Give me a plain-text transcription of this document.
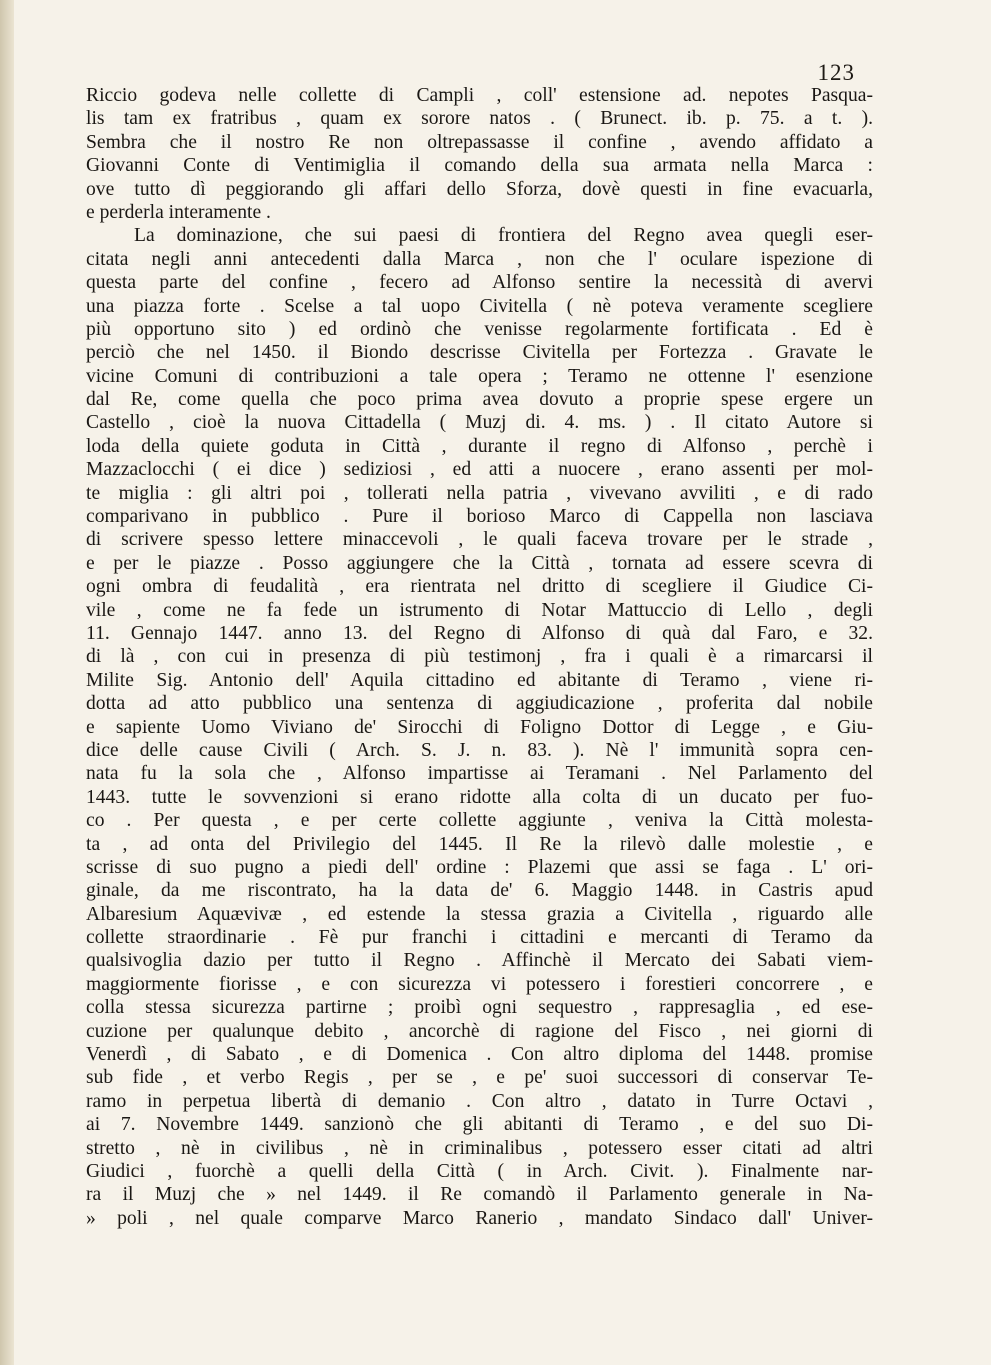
123
Riccio godeva nelle collette di Campli , coll' estensione ad. nepotes Pasqua-
lis tam ex fratribus , quam ex sorore natos . ( Brunect. ib. p. 75. a t. ).
Sembra che il nostro Re non oltrepassasse il confine , avendo affidato a
Giovanni Conte di Ventimiglia il comando della sua armata nella Marca :
ove tutto dì peggiorando gli affari dello Sforza, dovè questi in fine evacuarla,
e perderla interamente .
La dominazione, che sui paesi di frontiera del Regno avea quegli eser-
citata negli anni antecedenti dalla Marca , non che l' oculare ispezione di
questa parte del confine , fecero ad Alfonso sentire la necessità di avervi
una piazza forte . Scelse a tal uopo Civitella ( nè poteva veramente scegliere
più opportuno sito ) ed ordinò che venisse regolarmente fortificata . Ed è
perciò che nel 1450. il Biondo descrisse Civitella per Fortezza . Gravate le
vicine Comuni di contribuzioni a tale opera ; Teramo ne ottenne l' esenzione
dal Re, come quella che poco prima avea dovuto a proprie spese ergere un
Castello , cioè la nuova Cittadella ( Muzj di. 4. ms. ) . Il citato Autore si
loda della quiete goduta in Città , durante il regno di Alfonso , perchè i
Mazzaclocchi ( ei dice ) sediziosi , ed atti a nuocere , erano assenti per mol-
te miglia : gli altri poi , tollerati nella patria , vivevano avviliti , e di rado
comparivano in pubblico . Pure il borioso Marco di Cappella non lasciava
di scrivere spesso lettere minaccevoli , le quali faceva trovare per le strade ,
e per le piazze . Posso aggiungere che la Città , tornata ad essere scevra di
ogni ombra di feudalità , era rientrata nel dritto di scegliere il Giudice Ci-
vile , come ne fa fede un istrumento di Notar Mattuccio di Lello , degli
11. Gennajo 1447. anno 13. del Regno di Alfonso di quà dal Faro, e 32.
di là , con cui in presenza di più testimonj , fra i quali è a rimarcarsi il
Milite Sig. Antonio dell' Aquila cittadino ed abitante di Teramo , viene ri-
dotta ad atto pubblico una sentenza di aggiudicazione , proferita dal nobile
e sapiente Uomo Viviano de' Sirocchi di Foligno Dottor di Legge , e Giu-
dice delle cause Civili ( Arch. S. J. n. 83. ). Nè l' immunità sopra cen-
nata fu la sola che , Alfonso impartisse ai Teramani . Nel Parlamento del
1443. tutte le sovvenzioni si erano ridotte alla colta di un ducato per fuo-
co . Per questa , e per certe collette aggiunte , veniva la Città molesta-
ta , ad onta del Privilegio del 1445. Il Re la rilevò dalle molestie , e
scrisse di suo pugno a piedi dell' ordine : Plazemi que assi se faga . L' ori-
ginale, da me riscontrato, ha la data de' 6. Maggio 1448. in Castris apud
Albaresium Aquævivæ , ed estende la stessa grazia a Civitella , riguardo alle
collette straordinarie . Fè pur franchi i cittadini e mercanti di Teramo da
qualsivoglia dazio per tutto il Regno . Affinchè il Mercato dei Sabati viem-
maggiormente fiorisse , e con sicurezza vi potessero i forestieri concorrere , e
colla stessa sicurezza partirne ; proibì ogni sequestro , rappresaglia , ed ese-
cuzione per qualunque debito , ancorchè di ragione del Fisco , nei giorni di
Venerdì , di Sabato , e di Domenica . Con altro diploma del 1448. promise
sub fide , et verbo Regis , per se , e pe' suoi successori di conservar Te-
ramo in perpetua libertà di demanio . Con altro , datato in Turre Octavi ,
ai 7. Novembre 1449. sanzionò che gli abitanti di Teramo , e del suo Di-
stretto , nè in civilibus , nè in criminalibus , potessero esser citati ad altri
Giudici , fuorchè a quelli della Città ( in Arch. Civit. ). Finalmente nar-
ra il Muzj che » nel 1449. il Re comandò il Parlamento generale in Na-
» poli , nel quale comparve Marco Ranerio , mandato Sindaco dall' Univer-
